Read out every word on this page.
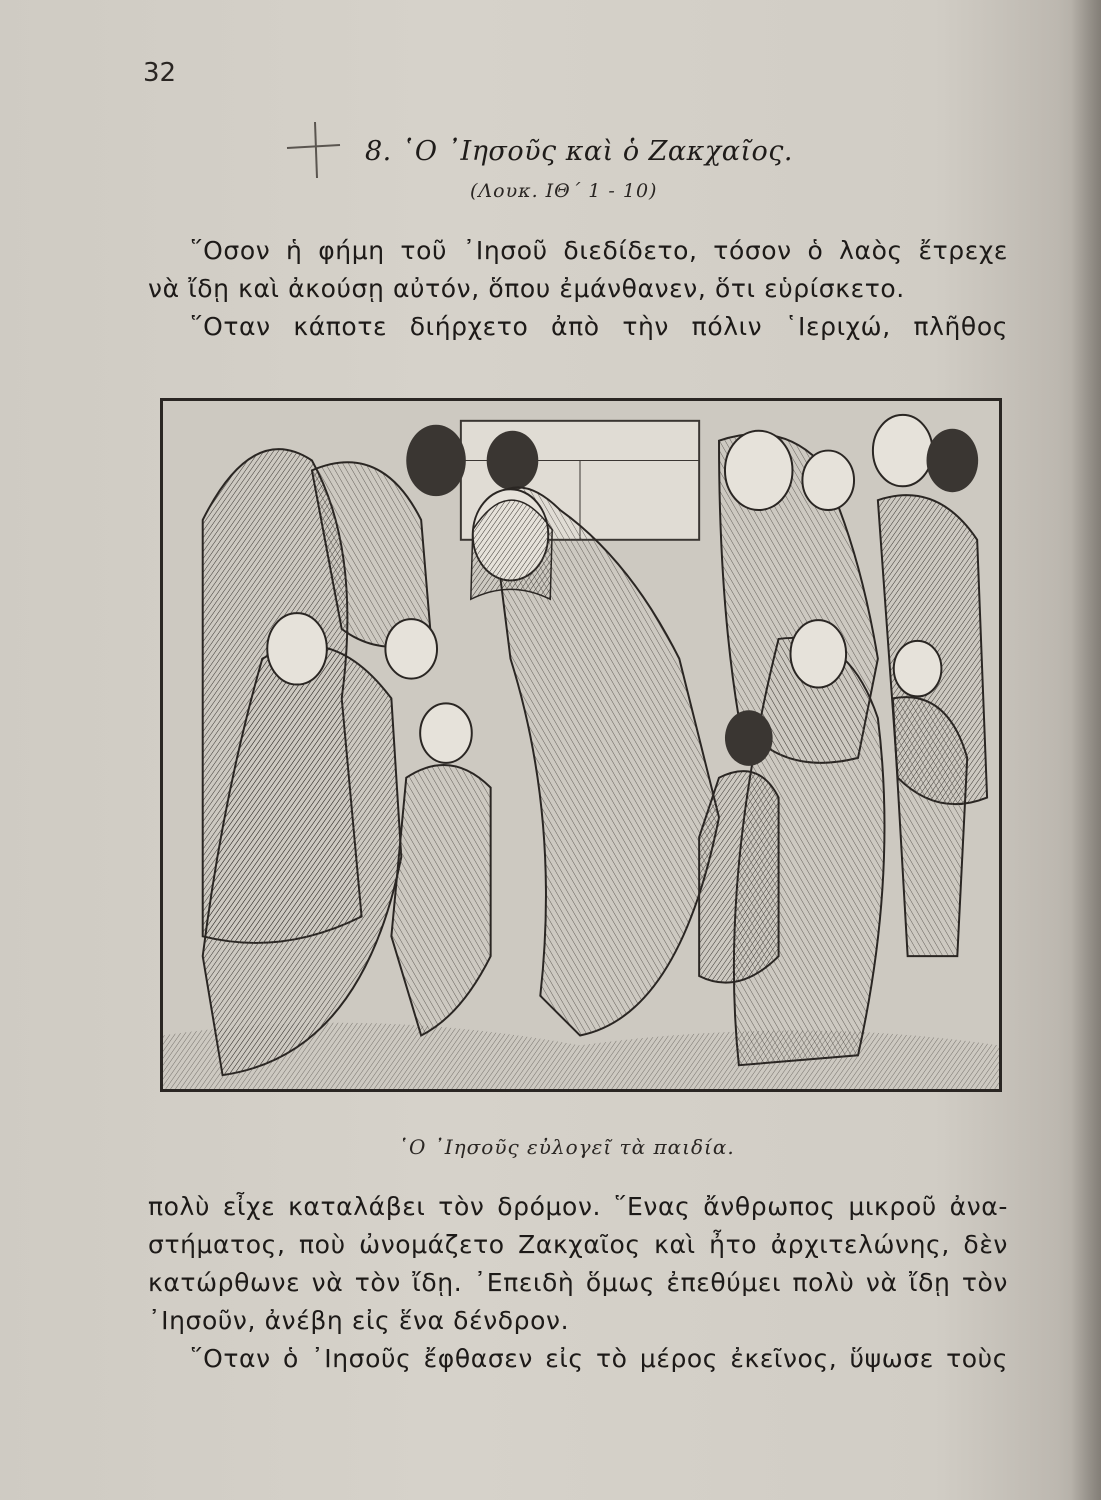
32
8. ῾Ο ᾿Ιησοῦς καὶ ὁ Ζακχαῖος.
(Λουκ. ΙΘ΄ 1 - 10)
῞Οσον ἡ φήμη τοῦ ᾿Ιησοῦ διεδίδετο, τόσον ὁ λαὸς ἔτρεχε
νὰ ἴδῃ καὶ ἀκούσῃ αὐτόν, ὅπου ἐμάνθανεν, ὅτι εὑρίσκετο.
῞Οταν κάποτε διήρχετο ἀπὸ τὴν πόλιν ῾Ιεριχώ, πλῆθος
῾Ο ᾿Ιησοῦς εὐλογεῖ τὰ παιδία.
πολὺ εἶχε καταλάβει τὸν δρόμον. ῞Ενας ἄνθρωπος μικροῦ ἀνα-
στήματος, ποὺ ὠνομάζετο Ζακχαῖος καὶ ἦτο ἀρχιτελώνης, δὲν
κατώρθωνε νὰ τὸν ἴδῃ. ᾿Επειδὴ ὅμως ἐπεθύμει πολὺ νὰ ἴδῃ τὸν
᾿Ιησοῦν, ἀνέβη εἰς ἕνα δένδρον.
῞Οταν ὁ ᾿Ιησοῦς ἔφθασεν εἰς τὸ μέρος ἐκεῖνος, ὕψωσε τοὺς
